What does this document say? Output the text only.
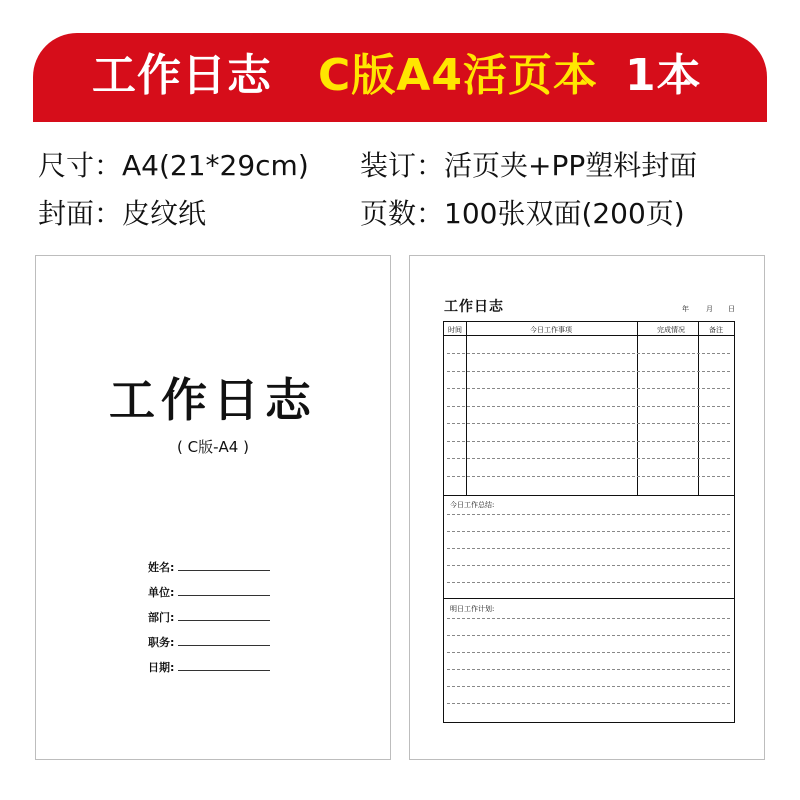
工作日志 C版A4活页本 1本
尺寸：A4(21*29cm) 装订：活页夹+PP塑料封面
封面：皮纹纸	页数：100张双面(200页)
工作日志
( C版-A4 )
姓名:
单位:
部门:
职务:
日期:
工作日志	年 月 日
时间	今日工作事项	完成情况	备注
今日工作总结:
明日工作计划:
